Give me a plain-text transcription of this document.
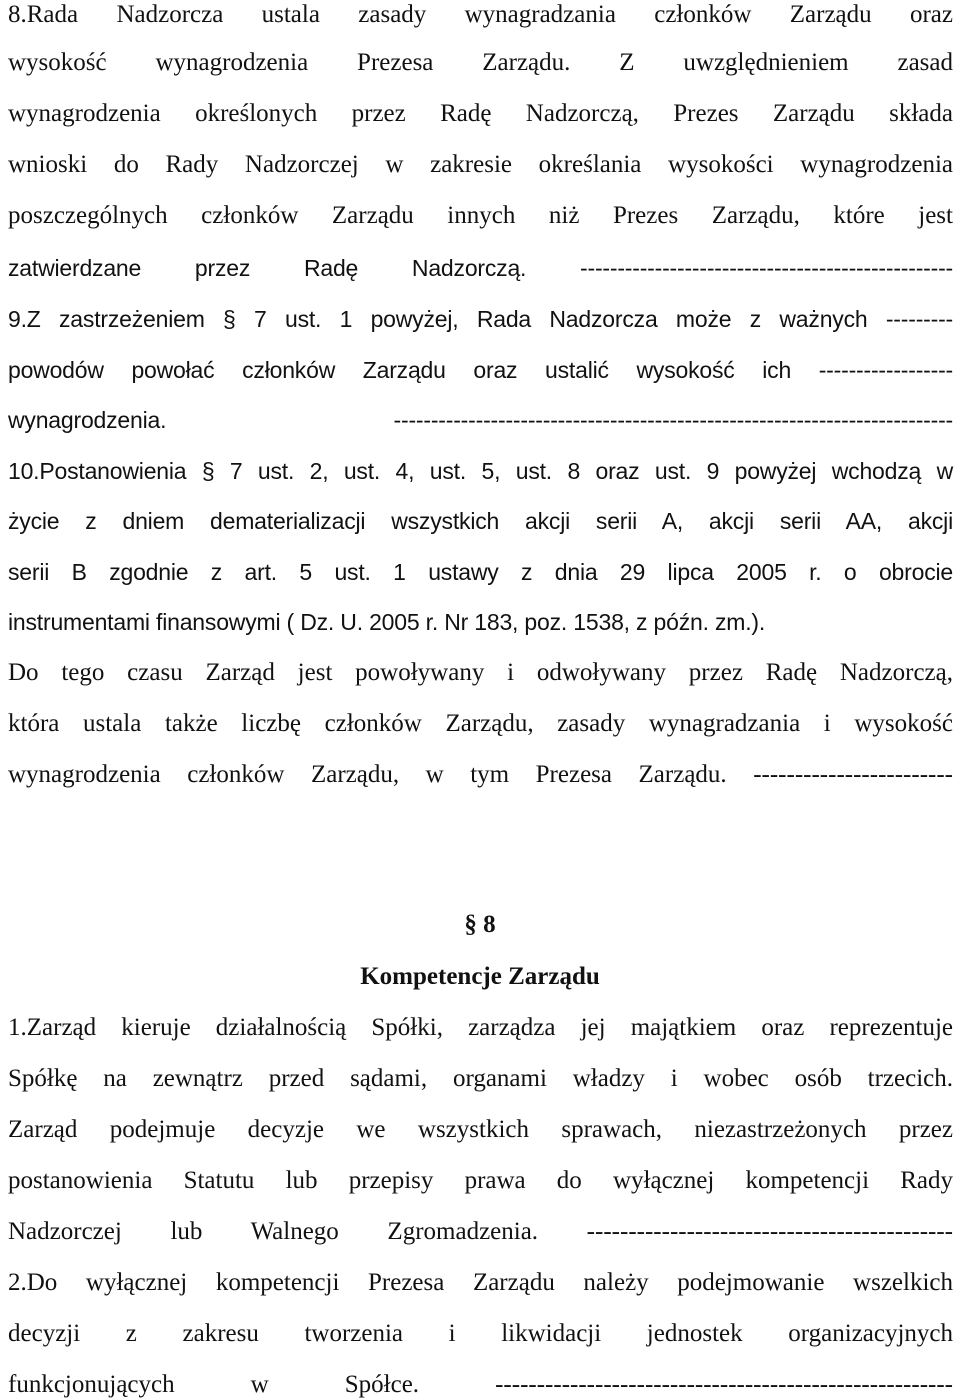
8.Rada Nadzorcza ustala zasady wynagradzania członków Zarządu oraz
wysokość wynagrodzenia Prezesa Zarządu. Z uwzględnieniem zasad
wynagrodzenia określonych przez Radę Nadzorczą, Prezes Zarządu składa
wnioski do Rady Nadzorczej w zakresie określania wysokości wynagrodzenia
poszczególnych członków Zarządu innych niż Prezes Zarządu, które jest
zatwierdzane przez Radę Nadzorczą. --------------------------------------------------
9.Z zastrzeżeniem § 7 ust. 1 powyżej, Rada Nadzorcza może z ważnych ---------
powodów powołać członków Zarządu oraz ustalić wysokość ich ------------------
wynagrodzenia. ---------------------------------------------------------------------------
10.Postanowienia § 7 ust. 2, ust. 4, ust. 5, ust. 8 oraz ust. 9 powyżej wchodzą w
życie z dniem dematerializacji wszystkich akcji serii A, akcji serii AA, akcji
serii B zgodnie z art. 5 ust. 1 ustawy z dnia 29 lipca 2005 r. o obrocie
instrumentami finansowymi ( Dz. U. 2005 r. Nr 183, poz. 1538, z późn. zm.).
Do tego czasu Zarząd jest powoływany i odwoływany przez Radę Nadzorczą,
która ustala także liczbę członków Zarządu, zasady wynagradzania i wysokość
wynagrodzenia członków Zarządu, w tym Prezesa Zarządu. ------------------------
§ 8
Kompetencje Zarządu
1.Zarząd kieruje działalnością Spółki, zarządza jej majątkiem oraz reprezentuje
Spółkę na zewnątrz przed sądami, organami władzy i wobec osób trzecich.
Zarząd podejmuje decyzje we wszystkich sprawach, niezastrzeżonych przez
postanowienia Statutu lub przepisy prawa do wyłącznej kompetencji Rady
Nadzorczej lub Walnego Zgromadzenia. --------------------------------------------
2.Do wyłącznej kompetencji Prezesa Zarządu należy podejmowanie wszelkich
decyzji z zakresu tworzenia i likwidacji jednostek organizacyjnych
funkcjonujących w Spółce. -------------------------------------------------------
